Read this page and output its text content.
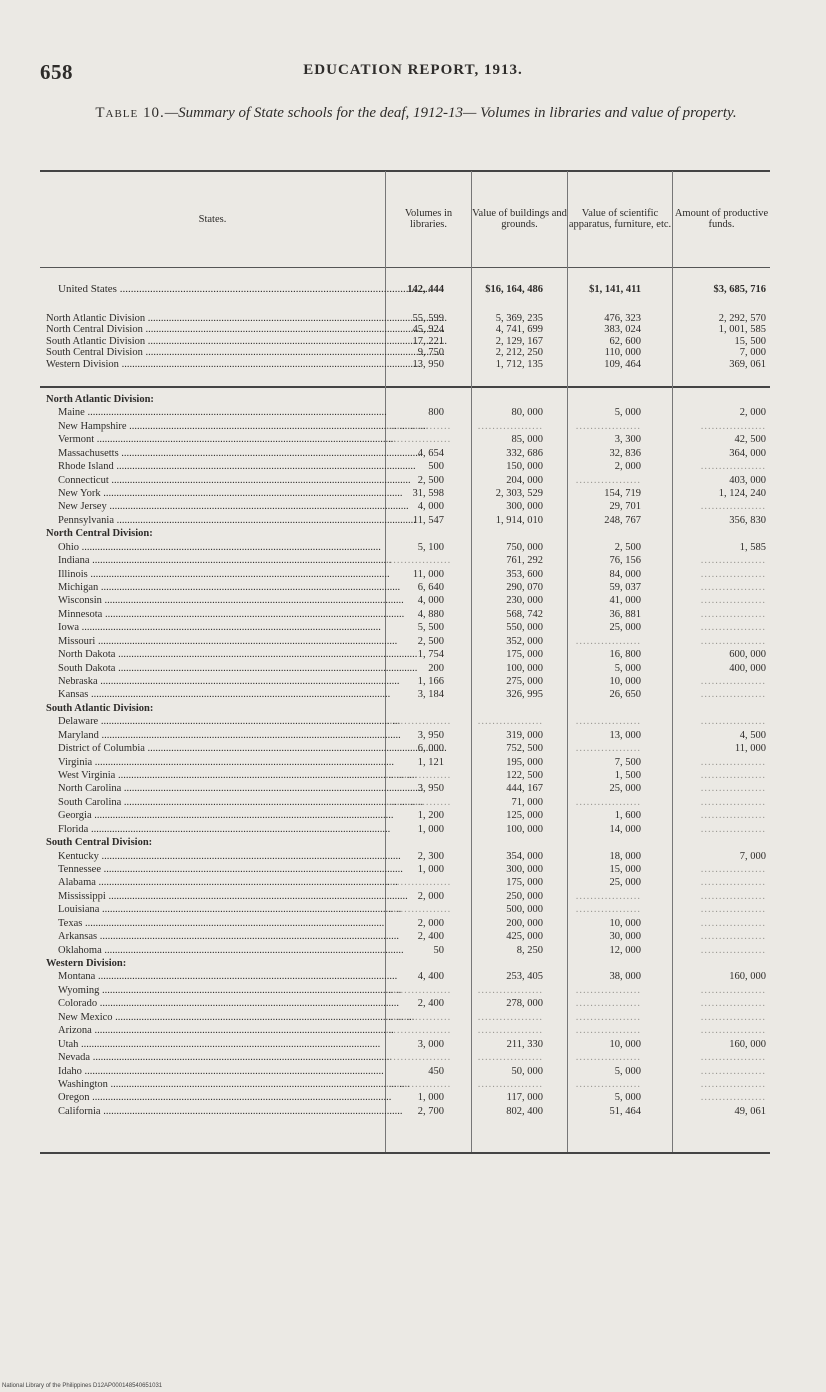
658	EDUCATION REPORT, 1913.
Table 10.—Summary of State schools for the deaf, 1912-13— Volumes in libraries and value of property.
States.	Volumes in libraries.
Value of buildings and grounds.
Value of scientific apparatus, furniture, etc.
Amount of productive funds.
United States .....	142, 444	$16, 164, 486	$1, 141, 411	$3, 685, 716
North Atlantic Division .....	55, 599	5, 369, 235	476, 323	2, 292, 570
North Central Division .....	45, 924	4, 741, 699	383, 024	1, 001, 585
South Atlantic Division .....	17, 221	2, 129, 167	62, 600	15, 500
South Central Division .....	9, 750	2, 212, 250	110, 000	7, 000
Western Division .....	13, 950	1, 712, 135	109, 464	369, 061
North Atlantic Division:
Maine .....	800	80, 000	5, 000	2, 000
New Hampshire .....	..................	..................	..................	..................
Vermont .....	..................	85, 000	3, 300	42, 500
Massachusetts .....	4, 654	332, 686	32, 836	364, 000
Rhode Island .....	500	150, 000	2, 000	..................
Connecticut .....	2, 500	204, 000	..................	403, 000
New York .....	31, 598	2, 303, 529	154, 719	1, 124, 240
New Jersey .....	4, 000	300, 000	29, 701	..................
Pennsylvania .....	11, 547	1, 914, 010	248, 767	356, 830
North Central Division:
Ohio .....	5, 100	750, 000	2, 500	1, 585
Indiana .....	..................	761, 292	76, 156	..................
Illinois .....	11, 000	353, 600	84, 000	..................
Michigan .....	6, 640	290, 070	59, 037	..................
Wisconsin .....	4, 000	230, 000	41, 000	..................
Minnesota .....	4, 880	568, 742	36, 881	..................
Iowa .....	5, 500	550, 000	25, 000	..................
Missouri .....	2, 500	352, 000	..................	..................
North Dakota .....	1, 754	175, 000	16, 800	600, 000
South Dakota .....	200	100, 000	5, 000	400, 000
Nebraska .....	1, 166	275, 000	10, 000	..................
Kansas .....	3, 184	326, 995	26, 650	..................
South Atlantic Division:
Delaware .....	..................	..................	..................	..................
Maryland .....	3, 950	319, 000	13, 000	4, 500
District of Columbia .....	6, 000	752, 500	..................	11, 000
Virginia .....	1, 121	195, 000	7, 500	..................
West Virginia .....	..................	122, 500	1, 500	..................
North Carolina .....	3, 950	444, 167	25, 000	..................
South Carolina .....	..................	71, 000	..................	..................
Georgia .....	1, 200	125, 000	1, 600	..................
Florida .....	1, 000	100, 000	14, 000	..................
South Central Division:
Kentucky .....	2, 300	354, 000	18, 000	7, 000
Tennessee .....	1, 000	300, 000	15, 000	..................
Alabama .....	..................	175, 000	25, 000	..................
Mississippi .....	2, 000	250, 000	..................	..................
Louisiana .....	..................	500, 000	..................	..................
Texas .....	2, 000	200, 000	10, 000	..................
Arkansas .....	2, 400	425, 000	30, 000	..................
Oklahoma .....	50	8, 250	12, 000	..................
Western Division:
Montana .....	4, 400	253, 405	38, 000	160, 000
Wyoming .....	..................	..................	..................	..................
Colorado .....	2, 400	278, 000	..................	..................
New Mexico .....	..................	..................	..................	..................
Arizona .....	..................	..................	..................	..................
Utah .....	3, 000	211, 330	10, 000	160, 000
Nevada .....	..................	..................	..................	..................
Idaho .....	450	50, 000	5, 000	..................
Washington .....	..................	..................	..................	..................
Oregon .....	1, 000	117, 000	5, 000	..................
California .....	2, 700	802, 400	51, 464	49, 061
National Library of the Philippines D12AP000148540651031
